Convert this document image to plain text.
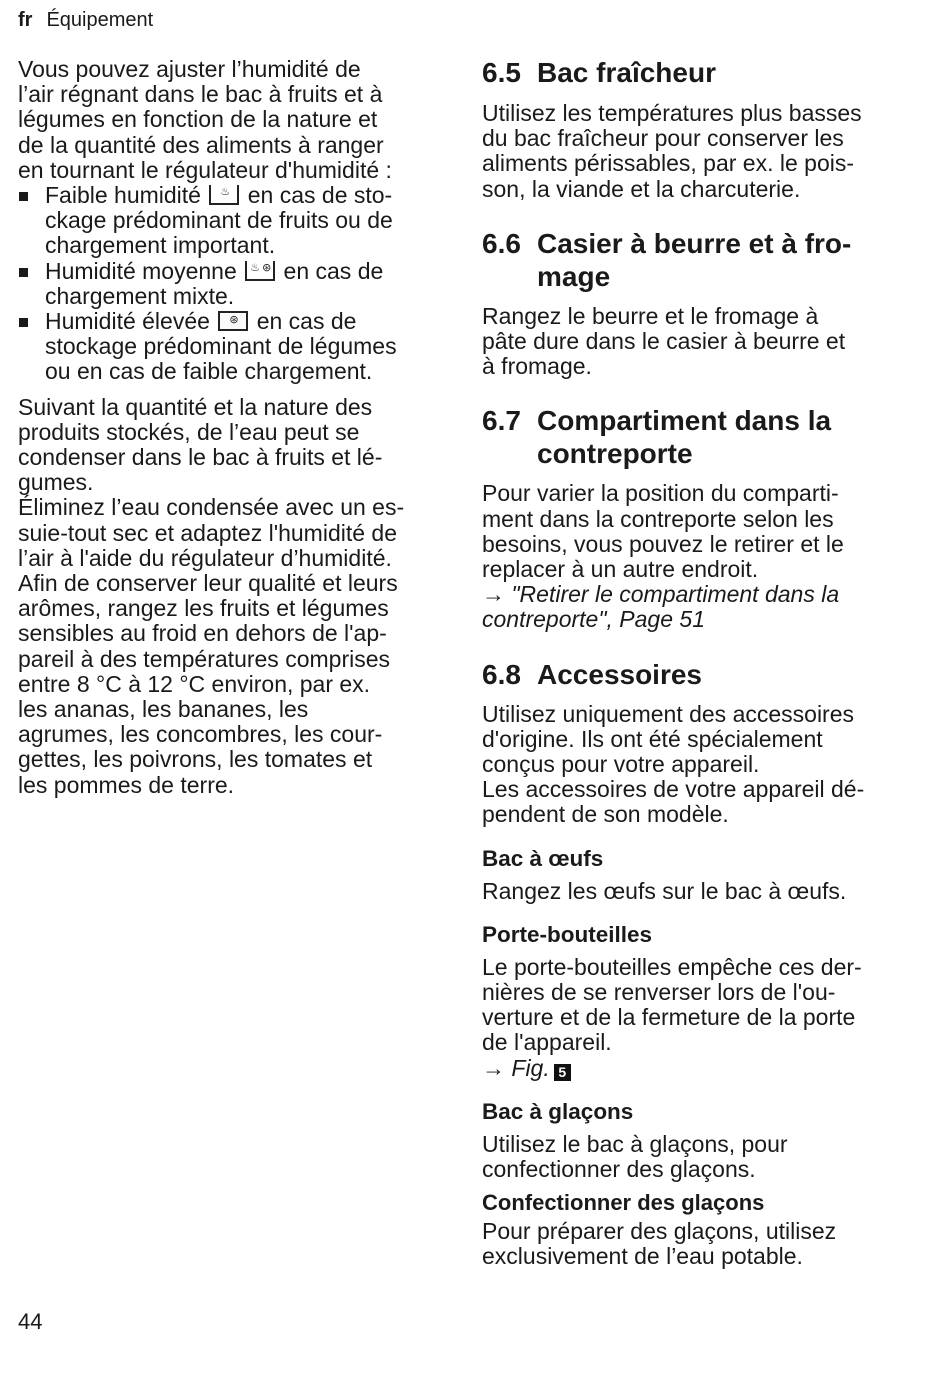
fr Équipement

Vous pouvez ajuster l’humidité de
l’air régnant dans le bac à fruits et à
légumes en fonction de la nature et
de la quantité des aliments à ranger
en tournant le régulateur d'humidité :

Faible humidité ♨ en cas de sto-
ckage prédominant de fruits ou de
chargement important.
Humidité moyenne ♨ ⊛ en cas de
chargement mixte.
Humidité élevée ⊛ en cas de
stockage prédominant de légumes
ou en cas de faible chargement.

Suivant la quantité et la nature des
produits stockés, de l’eau peut se
condenser dans le bac à fruits et lé-
gumes.
Éliminez l’eau condensée avec un es-
suie-tout sec et adaptez l'humidité de
l’air à l'aide du régulateur d’humidité.
Afin de conserver leur qualité et leurs
arômes, rangez les fruits et légumes
sensibles au froid en dehors de l'ap-
pareil à des températures comprises
entre 8 °C à 12 °C environ, par ex.
les ananas, les bananes, les
agrumes, les concombres, les cour-
gettes, les poivrons, les tomates et
les pommes de terre.

6.5 Bac fraîcheur

Utilisez les températures plus basses
du bac fraîcheur pour conserver les
aliments périssables, par ex. le pois-
son, la viande et la charcuterie.

6.6 Casier à beurre et à fro-
mage

Rangez le beurre et le fromage à
pâte dure dans le casier à beurre et
à fromage.

6.7 Compartiment dans la
contreporte

Pour varier la position du comparti-
ment dans la contreporte selon les
besoins, vous pouvez le retirer et le
replacer à un autre endroit.
→ "Retirer le compartiment dans la
contreporte", Page 51

6.8 Accessoires

Utilisez uniquement des accessoires
d'origine. Ils ont été spécialement
conçus pour votre appareil.
Les accessoires de votre appareil dé-
pendent de son modèle.

Bac à œufs

Rangez les œufs sur le bac à œufs.

Porte-bouteilles

Le porte-bouteilles empêche ces der-
nières de se renverser lors de l'ou-
verture et de la fermeture de la porte
de l'appareil.
→ Fig. 5

Bac à glaçons

Utilisez le bac à glaçons, pour
confectionner des glaçons.

Confectionner des glaçons

Pour préparer des glaçons, utilisez
exclusivement de l’eau potable.

44
